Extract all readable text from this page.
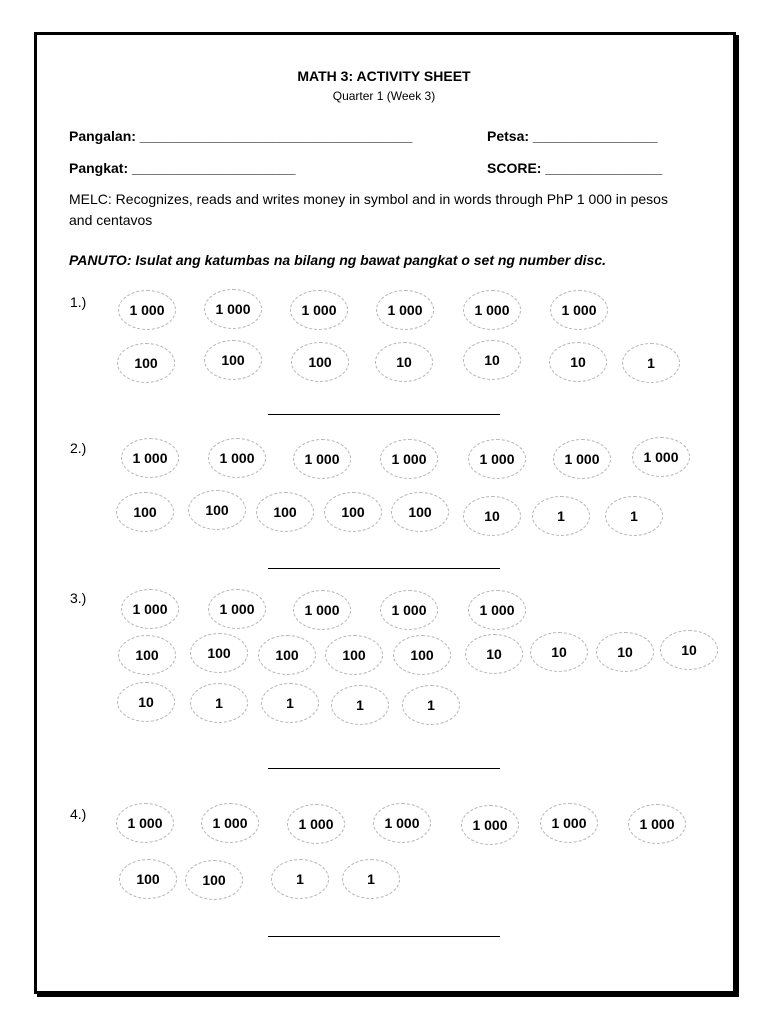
MATH 3: ACTIVITY SHEET
Quarter 1 (Week 3)
Pangalan: ___________________________________	Petsa: ________________
Pangkat: _____________________	SCORE: _______________
MELC: Recognizes, reads and writes money in symbol and in words through PhP 1 000 in pesos and centavos
PANUTO: Isulat ang katumbas na bilang ng bawat pangkat o set ng number disc.
1.)	1 000	1 000	1 000	1 000	1 000	1 000
100	100	100	10	10	10	1
2.)
1 000	1 000	1 000	1 000	1 000	1 000	1 000
100	100	100	100	100	10	1	1
3.)
1 000	1 000	1 000	1 000	1 000
100	100	100	100	100	10	10	10	10
10	1	1	1	1
4.)
1 000	1 000	1 000	1 000	1 000	1 000	1 000
100	100	1	1
